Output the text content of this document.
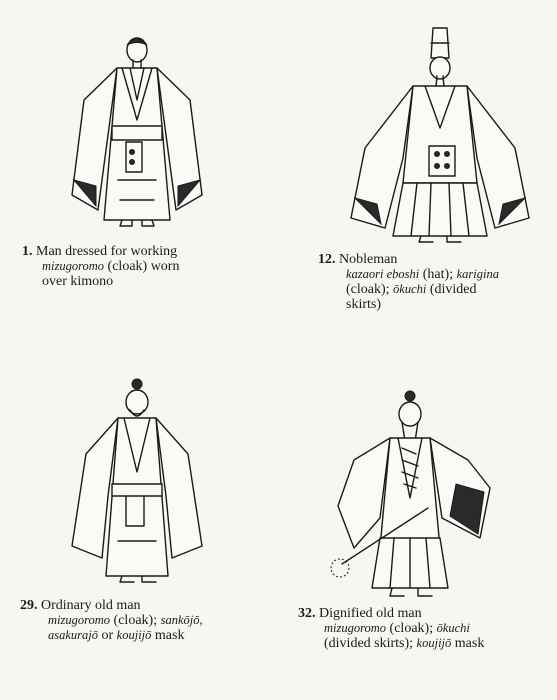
1. Man dressed for working
mizugoromo (cloak) worn
over kimono
12. Nobleman
kazaori eboshi (hat); karigina
(cloak); ōkuchi (divided
skirts)
29. Ordinary old man
mizugoromo (cloak); sankōjō,
asakurajō or koujijō mask
32. Dignified old man
mizugoromo (cloak); ōkuchi
(divided skirts); koujijō mask
